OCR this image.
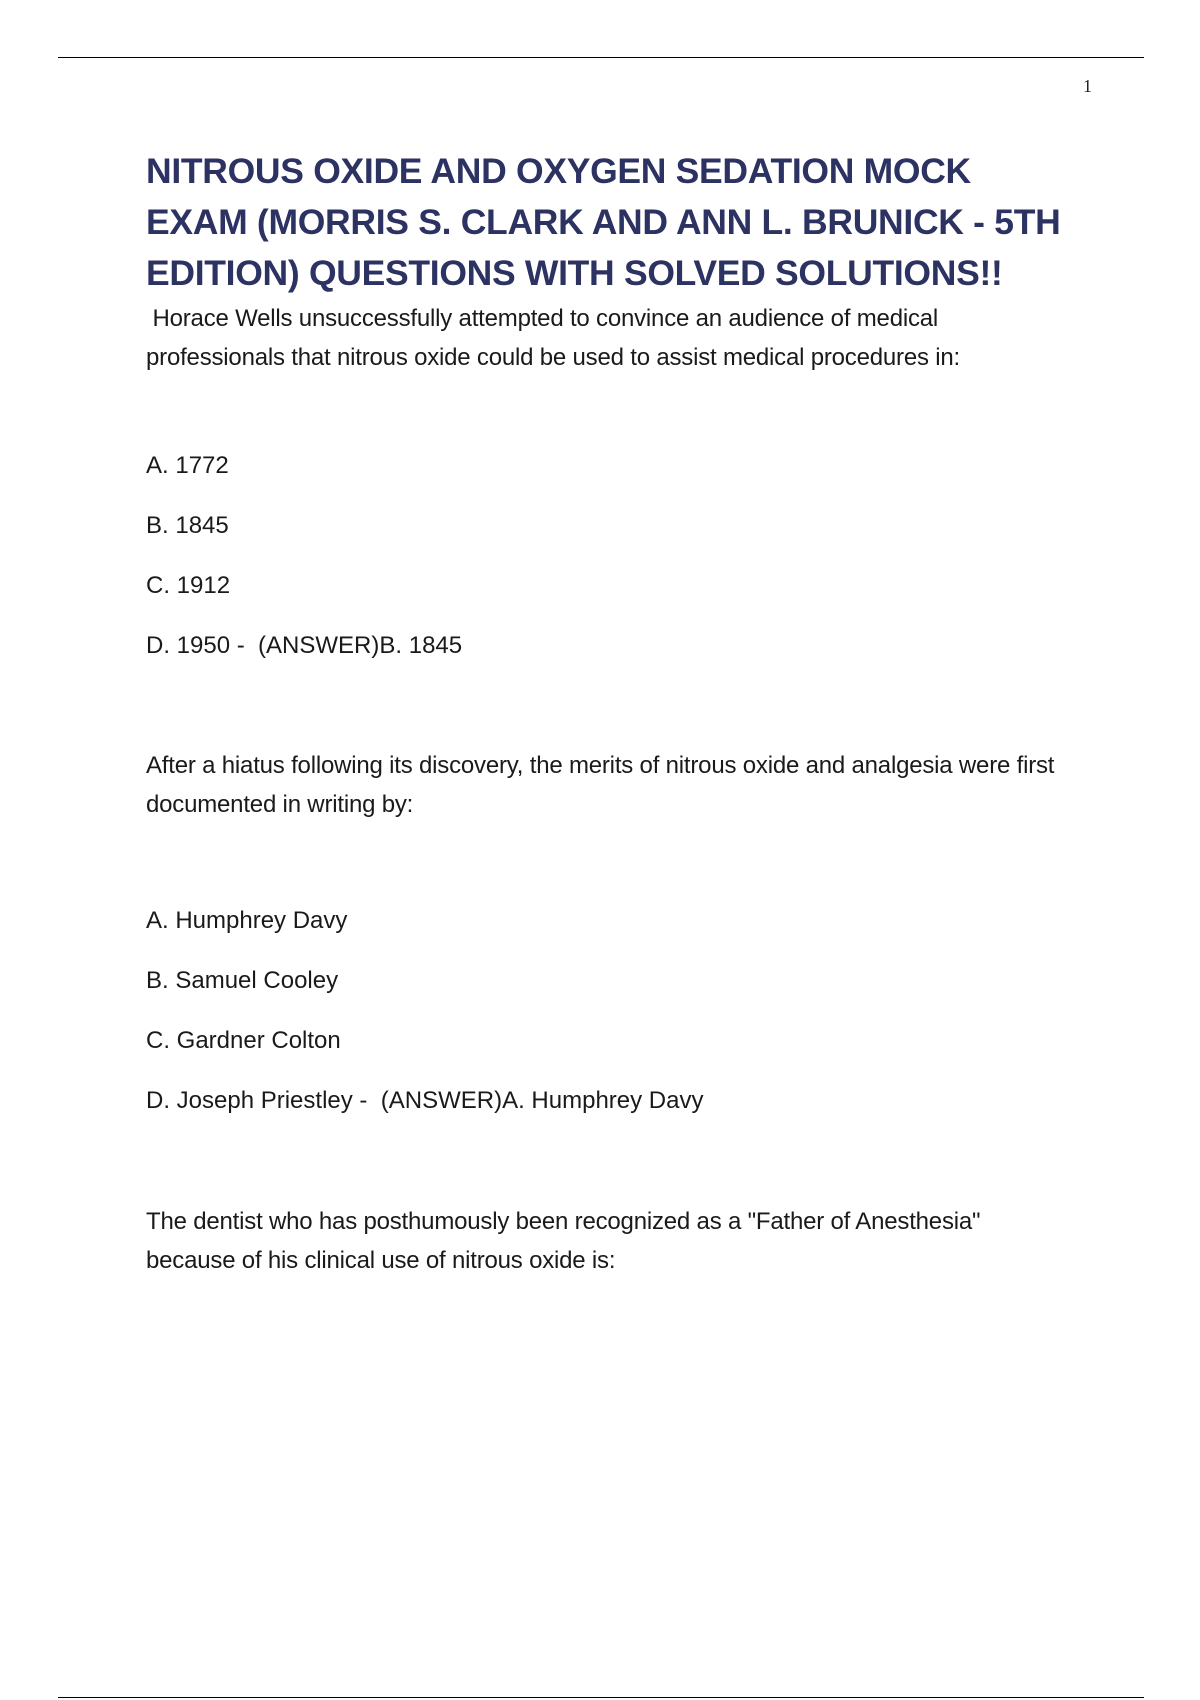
1
NITROUS OXIDE AND OXYGEN SEDATION MOCK EXAM (MORRIS S. CLARK AND ANN L. BRUNICK - 5TH EDITION) QUESTIONS WITH SOLVED SOLUTIONS!!
Horace Wells unsuccessfully attempted to convince an audience of medical professionals that nitrous oxide could be used to assist medical procedures in:
A. 1772
B. 1845
C. 1912
D. 1950 -  (ANSWER)B. 1845
After a hiatus following its discovery, the merits of nitrous oxide and analgesia were first documented in writing by:
A. Humphrey Davy
B. Samuel Cooley
C. Gardner Colton
D. Joseph Priestley -  (ANSWER)A. Humphrey Davy
The dentist who has posthumously been recognized as a "Father of Anesthesia" because of his clinical use of nitrous oxide is:
